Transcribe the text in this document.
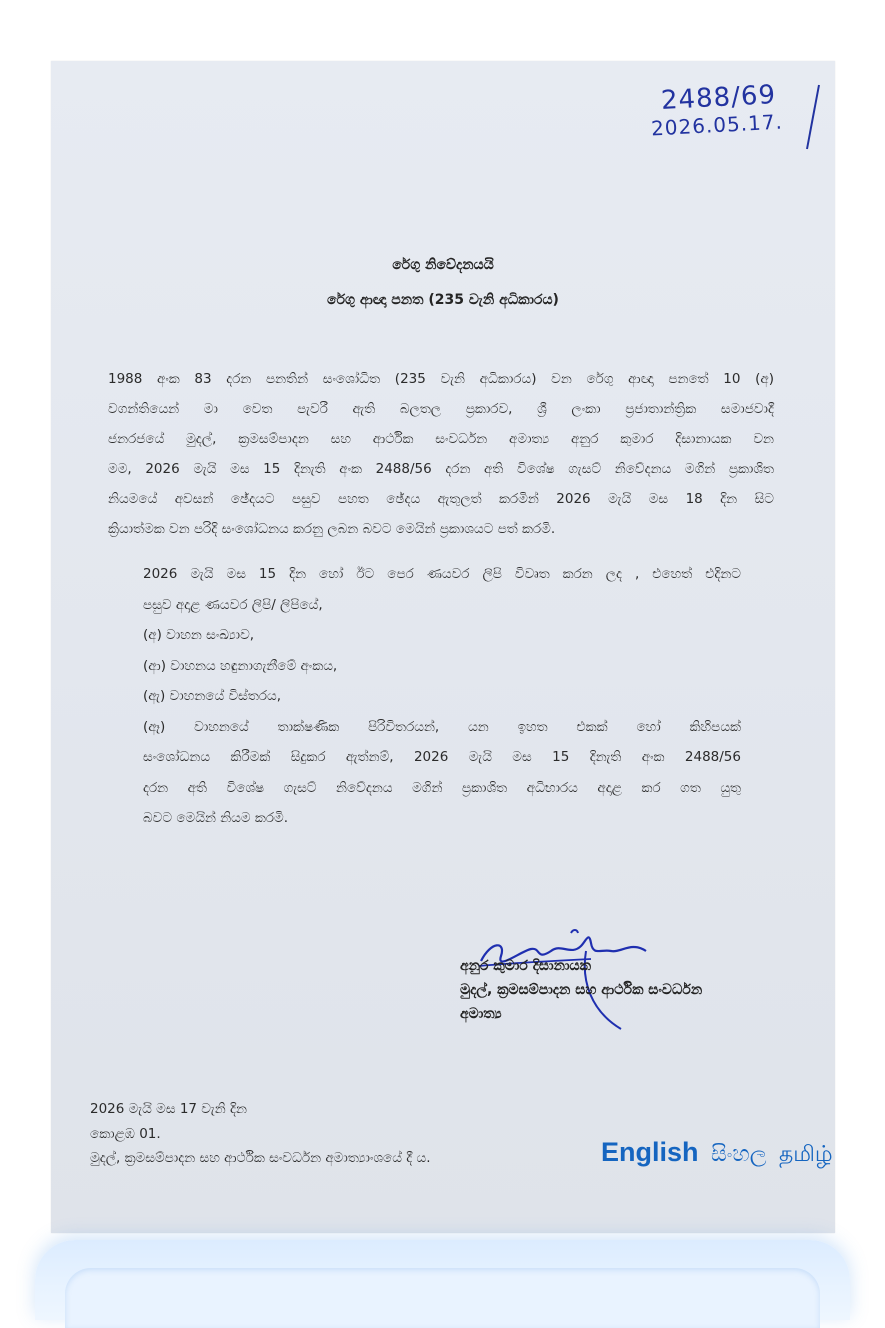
2488/69
2026.05.17.
රේගු නිවේදනයයි
රේගු ආඥා පනත (235 වැනි අධිකාරය)
1988 අංක 83 දරන පනතින් සංශෝධිත (235 වැනි අධිකාරය) වන රේගු ආඥා පනතේ 10 (අ)
වගන්තියෙන් මා වෙත පැවරී ඇති බලතල ප්‍රකාරව, ශ්‍රී ලංකා ප්‍රජාතාන්ත්‍රික සමාජවාදී
ජනරජයේ මුදල්, ක්‍රමසම්පාදන සහ ආර්ථික සංවර්ධන අමාත්‍ය අනුර කුමාර දිසානායක වන
මම, 2026 මැයි මස 15 දිනැති අංක 2488/56 දරන අති විශේෂ ගැසට් නිවේදනය මගින් ප්‍රකාශිත
නියමයේ අවසන් ඡේදයට පසුව පහත ඡේදය ඇතුලත් කරමින් 2026 මැයි මස 18 දින සිට
ක්‍රියාත්මක වන පරිදි සංශෝධනය කරනු ලබන බවට මෙයින් ප්‍රකාශයට පත් කරමි.
2026 මැයි මස 15 දින හෝ ඊට පෙර ණයවර ලිපි විවෘත කරන ලද , එහෙත් එදිනට
පසුව අදාළ ණයවර ලිපි/ ලිපියේ,
(අ) වාහන සංඛ්‍යාව,
(ආ) වාහනය හඳුනාගැනීමේ අංකය,
(ඇ) වාහනයේ විස්තරය,
(ඈ) වාහනයේ තාක්ෂණික පිරිවිතරයන්, යන ඉහත එකක් හෝ කිහිපයක්
සංශෝධනය කිරීමක් සිදුකර ඇත්නම්, 2026 මැයි මස 15 දිනැති අංක 2488/56
දරන අති විශේෂ ගැසට් නිවේදනය මගින් ප්‍රකාශිත අධිභාරය අදාළ කර ගත යුතු
බවට මෙයින් නියම කරමි.
අනුර කුමාර දිසානායක
මුදල්, ක්‍රමසම්පාදන සහ ආර්ථික සංවර්ධන
අමාත්‍ය
2026 මැයි මස 17 වැනි දින
කොළඹ 01.
මුදල්, ක්‍රමසම්පාදන සහ ආර්ථික සංවර්ධන අමාත්‍යාංශයේ දී ය.	English සිංහල தமிழ்
